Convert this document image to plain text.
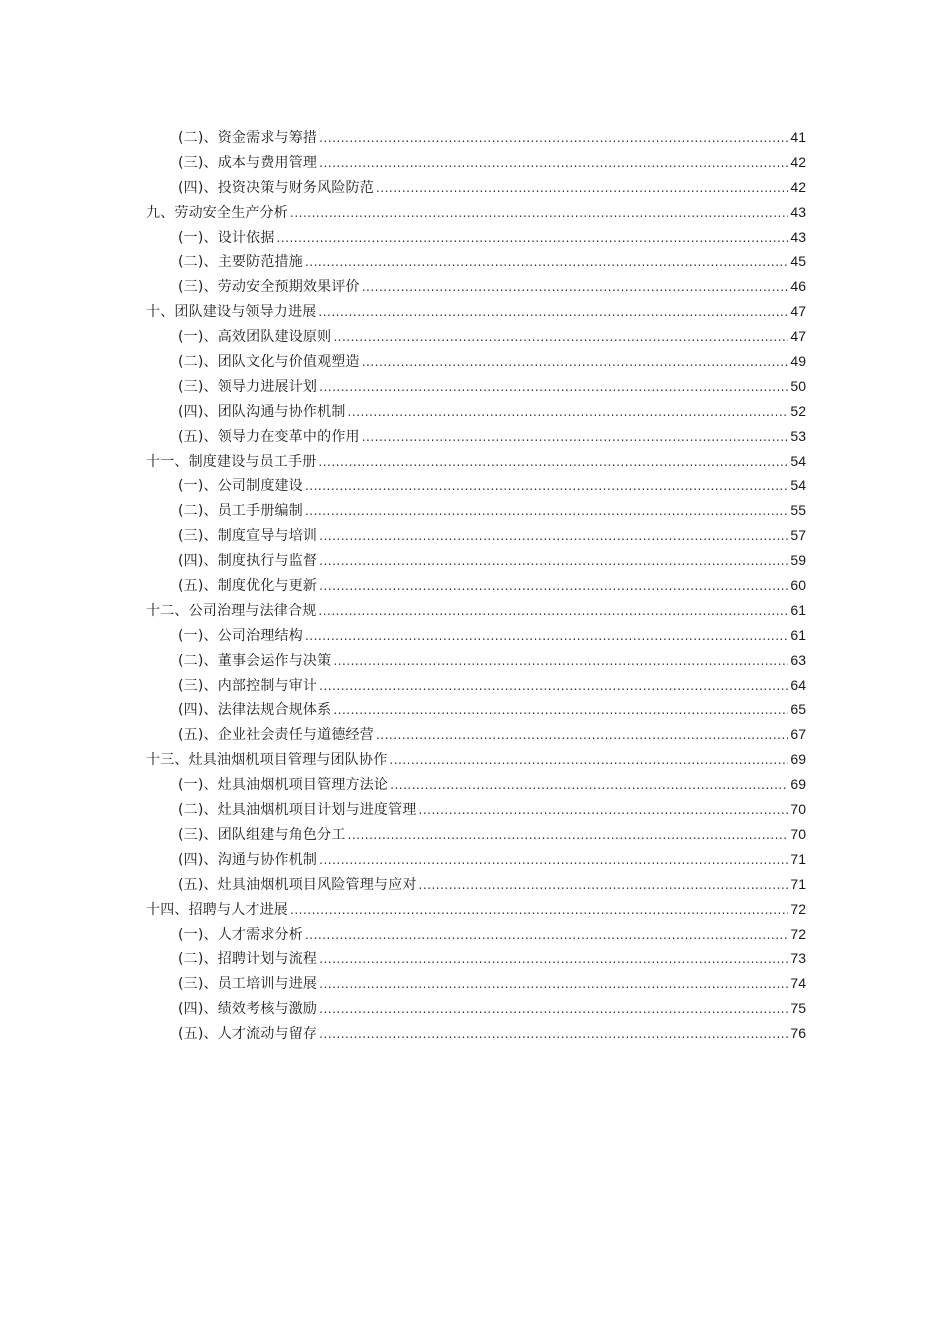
(二)、资金需求与筹措 .....	41
(三)、成本与费用管理 .....	42
(四)、投资决策与财务风险防范 .....	42
九、劳动安全生产分析 .....	43
(一)、设计依据 .....	43
(二)、主要防范措施 .....	45
(三)、劳动安全预期效果评价 .....	46
十、团队建设与领导力进展 .....	47
(一)、高效团队建设原则 .....	47
(二)、团队文化与价值观塑造 .....	49
(三)、领导力进展计划 .....	50
(四)、团队沟通与协作机制 .....	52
(五)、领导力在变革中的作用 .....	53
十一、制度建设与员工手册 .....	54
(一)、公司制度建设 .....	54
(二)、员工手册编制 .....	55
(三)、制度宣导与培训 .....	57
(四)、制度执行与监督 .....	59
(五)、制度优化与更新 .....	60
十二、公司治理与法律合规 .....	61
(一)、公司治理结构 .....	61
(二)、董事会运作与决策 .....	63
(三)、内部控制与审计 .....	64
(四)、法律法规合规体系 .....	65
(五)、企业社会责任与道德经营 .....	67
十三、灶具油烟机项目管理与团队协作 .....	69
(一)、灶具油烟机项目管理方法论 .....	69
(二)、灶具油烟机项目计划与进度管理 .....	70
(三)、团队组建与角色分工 .....	70
(四)、沟通与协作机制 .....	71
(五)、灶具油烟机项目风险管理与应对 .....	71
十四、招聘与人才进展 .....	72
(一)、人才需求分析 .....	72
(二)、招聘计划与流程 .....	73
(三)、员工培训与进展 .....	74
(四)、绩效考核与激励 .....	75
(五)、人才流动与留存 .....	76
